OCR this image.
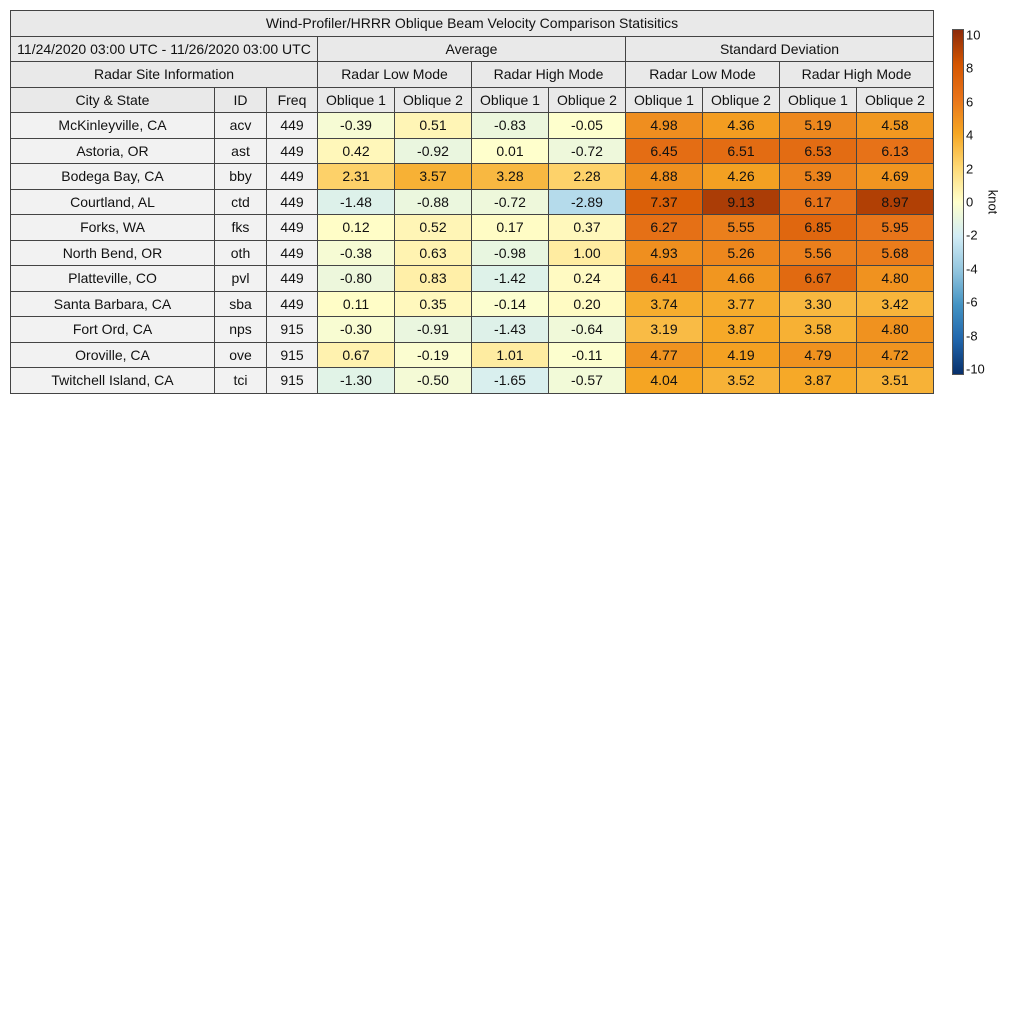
Wind-Profiler/HRRR Oblique Beam Velocity Comparison Statisitics										
11/24/2020 03:00 UTC - 11/26/2020 03:00 UTC			Average				Standard Deviation			
Radar Site Information			Radar Low Mode		Radar High Mode		Radar Low Mode		Radar High Mode	
City & State	ID	Freq	Oblique 1	Oblique 2	Oblique 1	Oblique 2	Oblique 1	Oblique 2	Oblique 1	Oblique 2
McKinleyville, CA	acv	449	-0.39	0.51	-0.83	-0.05	4.98	4.36	5.19	4.58
Astoria, OR	ast	449	0.42	-0.92	0.01	-0.72	6.45	6.51	6.53	6.13
Bodega Bay, CA	bby	449	2.31	3.57	3.28	2.28	4.88	4.26	5.39	4.69
Courtland, AL	ctd	449	-1.48	-0.88	-0.72	-2.89	7.37	9.13	6.17	8.97
Forks, WA	fks	449	0.12	0.52	0.17	0.37	6.27	5.55	6.85	5.95
North Bend, OR	oth	449	-0.38	0.63	-0.98	1.00	4.93	5.26	5.56	5.68
Platteville, CO	pvl	449	-0.80	0.83	-1.42	0.24	6.41	4.66	6.67	4.80
Santa Barbara, CA	sba	449	0.11	0.35	-0.14	0.20	3.74	3.77	3.30	3.42
Fort Ord, CA	nps	915	-0.30	-0.91	-1.43	-0.64	3.19	3.87	3.58	4.80
Oroville, CA	ove	915	0.67	-0.19	1.01	-0.11	4.77	4.19	4.79	4.72
Twitchell Island, CA	tci	915	-1.30	-0.50	-1.65	-0.57	4.04	3.52	3.87	3.51
10
8
6
4
2
0
-2
-4
-6
-8
-10
knot
